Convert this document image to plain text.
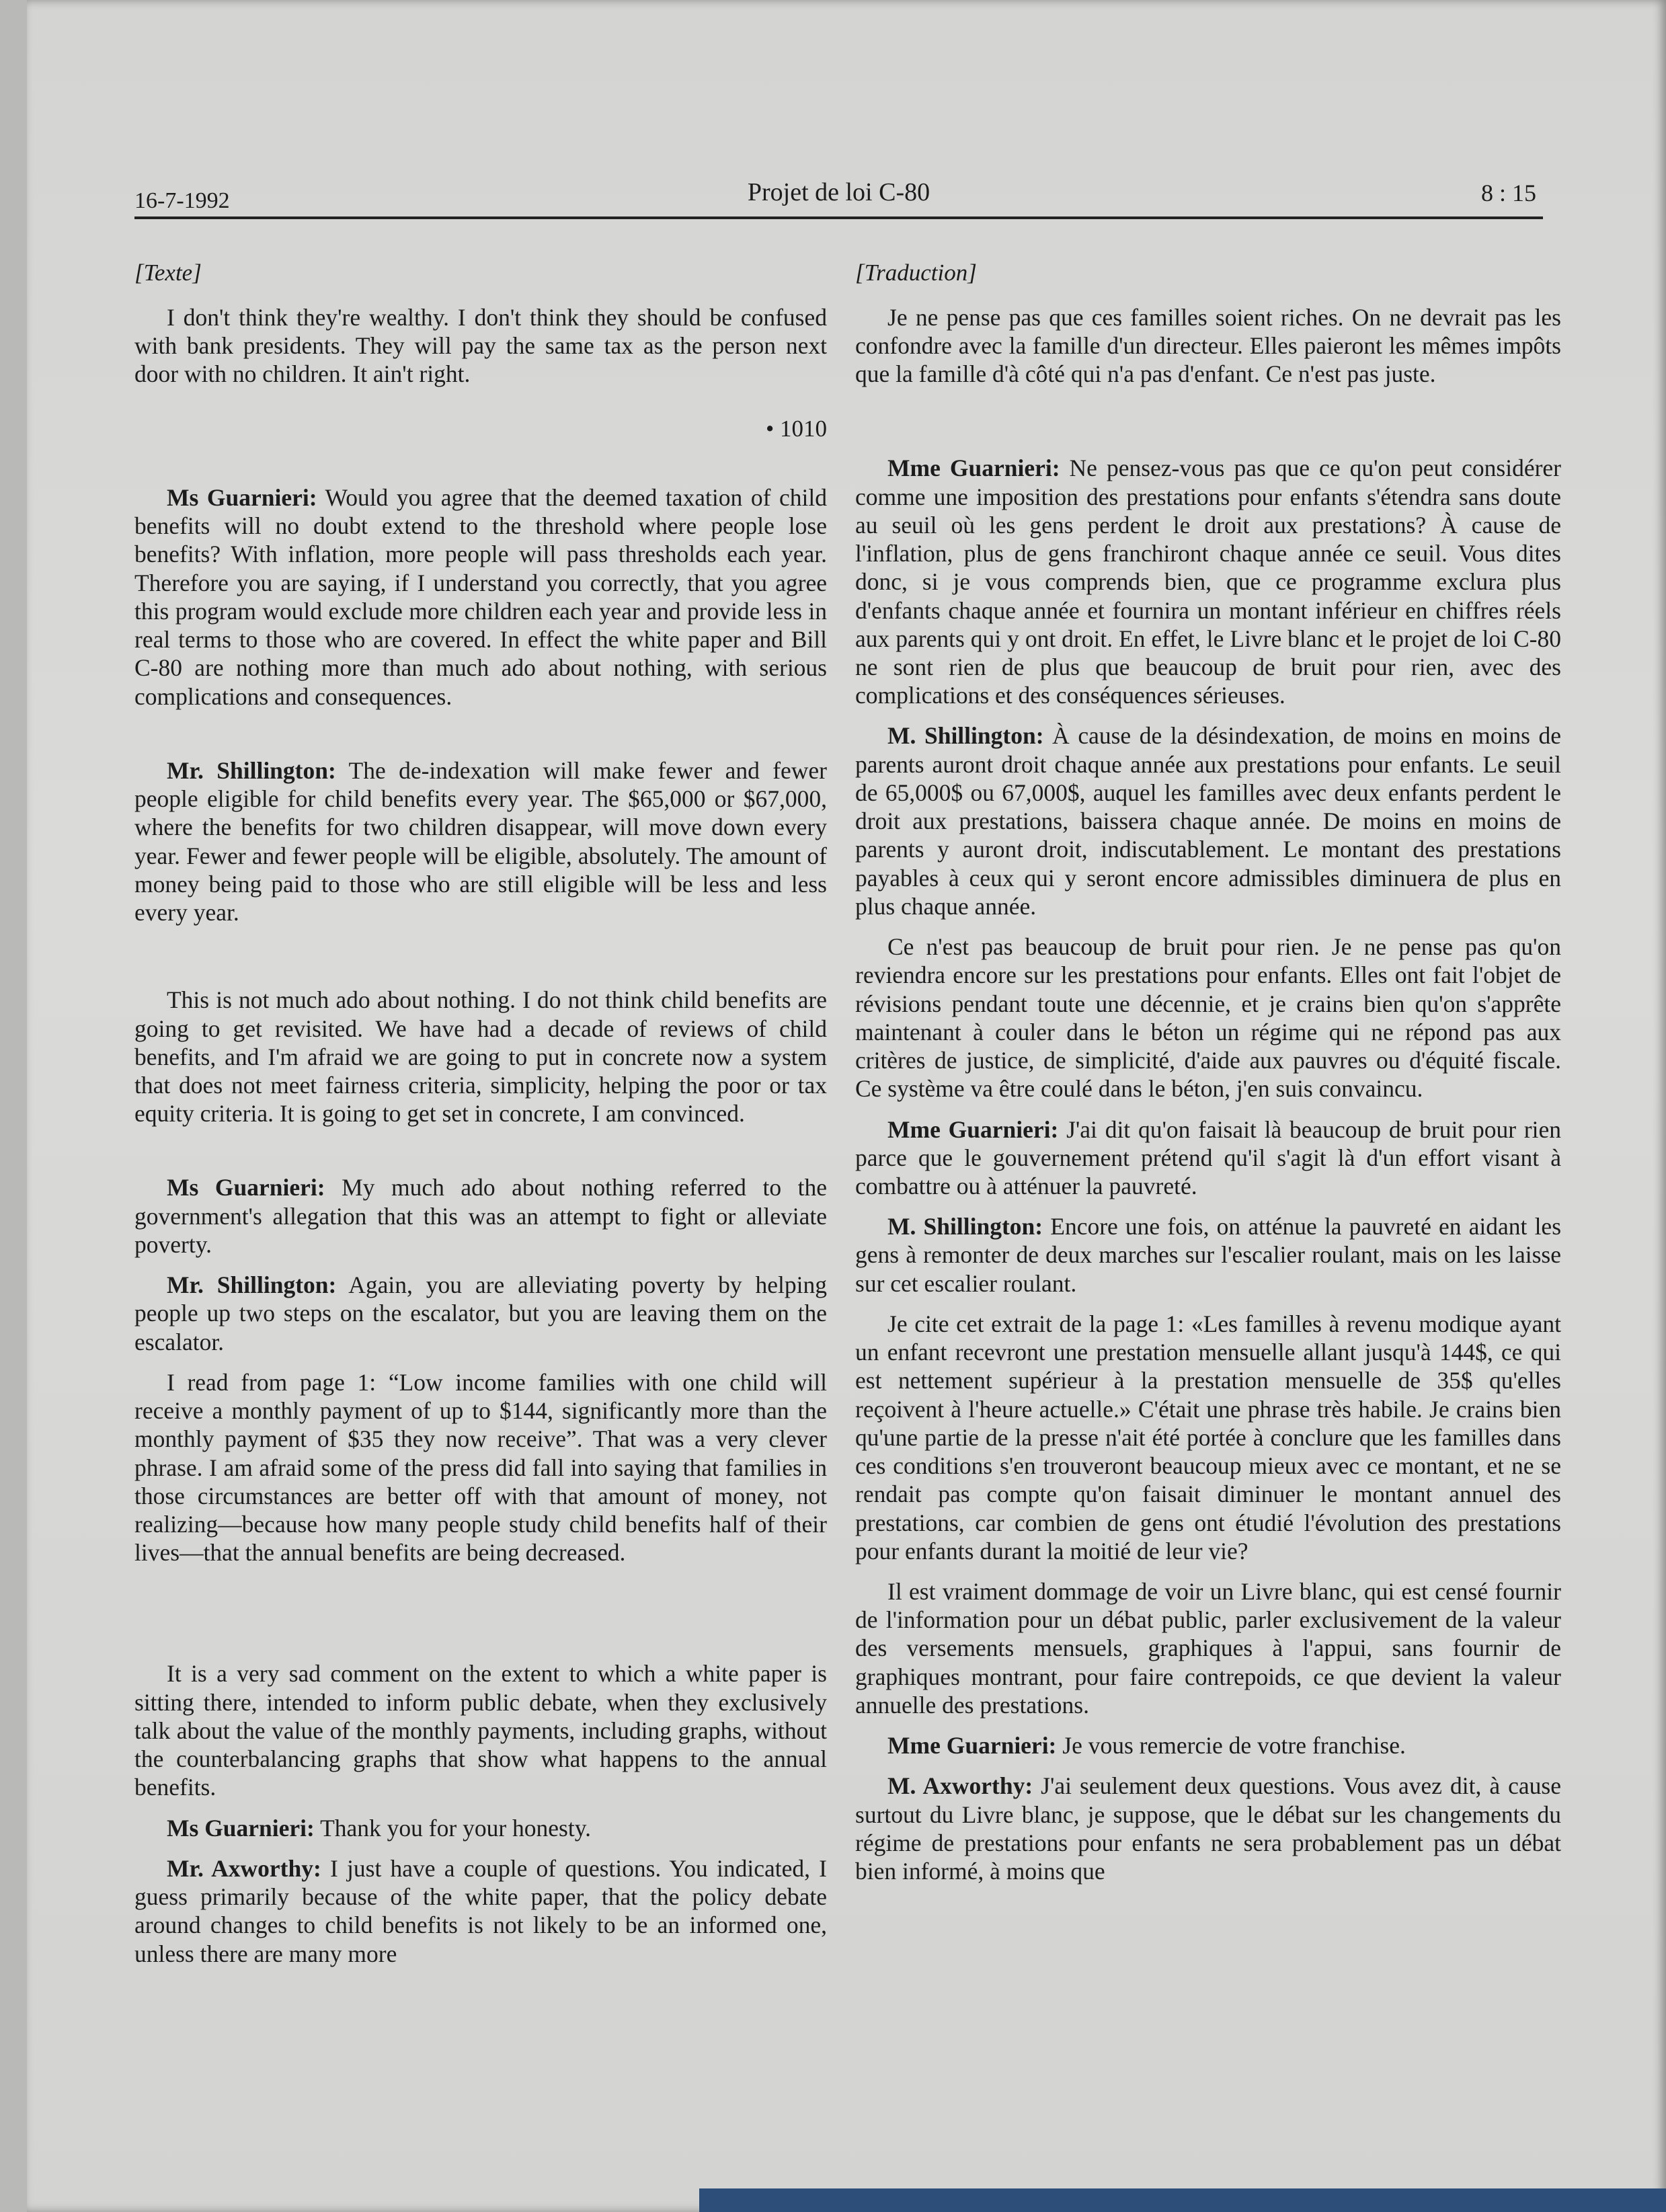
16-7-1992	Projet de loi C-80	8 : 15
[Texte]

I don't think they're wealthy. I don't think they should be confused with bank presidents. They will pay the same tax as the person next door with no children. It ain't right.

• 1010

Ms Guarnieri: Would you agree that the deemed taxation of child benefits will no doubt extend to the threshold where people lose benefits? With inflation, more people will pass thresholds each year. Therefore you are saying, if I understand you correctly, that you agree this program would exclude more children each year and provide less in real terms to those who are covered. In effect the white paper and Bill C-80 are nothing more than much ado about nothing, with serious complications and consequences.

Mr. Shillington: The de-indexation will make fewer and fewer people eligible for child benefits every year. The $65,000 or $67,000, where the benefits for two children disappear, will move down every year. Fewer and fewer people will be eligible, absolutely. The amount of money being paid to those who are still eligible will be less and less every year.

This is not much ado about nothing. I do not think child benefits are going to get revisited. We have had a decade of reviews of child benefits, and I'm afraid we are going to put in concrete now a system that does not meet fairness criteria, simplicity, helping the poor or tax equity criteria. It is going to get set in concrete, I am convinced.

Ms Guarnieri: My much ado about nothing referred to the government's allegation that this was an attempt to fight or alleviate poverty.

Mr. Shillington: Again, you are alleviating poverty by helping people up two steps on the escalator, but you are leaving them on the escalator.

I read from page 1: “Low income families with one child will receive a monthly payment of up to $144, significantly more than the monthly payment of $35 they now receive”. That was a very clever phrase. I am afraid some of the press did fall into saying that families in those circumstances are better off with that amount of money, not realizing—because how many people study child benefits half of their lives—that the annual benefits are being decreased.

It is a very sad comment on the extent to which a white paper is sitting there, intended to inform public debate, when they exclusively talk about the value of the monthly payments, including graphs, without the counterbalancing graphs that show what happens to the annual benefits.

Ms Guarnieri: Thank you for your honesty.

Mr. Axworthy: I just have a couple of questions. You indicated, I guess primarily because of the white paper, that the policy debate around changes to child benefits is not likely to be an informed one, unless there are many more

[Traduction]

Je ne pense pas que ces familles soient riches. On ne devrait pas les confondre avec la famille d'un directeur. Elles paieront les mêmes impôts que la famille d'à côté qui n'a pas d'enfant. Ce n'est pas juste.

Mme Guarnieri: Ne pensez-vous pas que ce qu'on peut considérer comme une imposition des prestations pour enfants s'étendra sans doute au seuil où les gens perdent le droit aux prestations? À cause de l'inflation, plus de gens franchiront chaque année ce seuil. Vous dites donc, si je vous comprends bien, que ce programme exclura plus d'enfants chaque année et fournira un montant inférieur en chiffres réels aux parents qui y ont droit. En effet, le Livre blanc et le projet de loi C-80 ne sont rien de plus que beaucoup de bruit pour rien, avec des complications et des conséquences sérieuses.

M. Shillington: À cause de la désindexation, de moins en moins de parents auront droit chaque année aux prestations pour enfants. Le seuil de 65,000$ ou 67,000$, auquel les familles avec deux enfants perdent le droit aux prestations, baissera chaque année. De moins en moins de parents y auront droit, indiscutablement. Le montant des prestations payables à ceux qui y seront encore admissibles diminuera de plus en plus chaque année.

Ce n'est pas beaucoup de bruit pour rien. Je ne pense pas qu'on reviendra encore sur les prestations pour enfants. Elles ont fait l'objet de révisions pendant toute une décennie, et je crains bien qu'on s'apprête maintenant à couler dans le béton un régime qui ne répond pas aux critères de justice, de simplicité, d'aide aux pauvres ou d'équité fiscale. Ce système va être coulé dans le béton, j'en suis convaincu.

Mme Guarnieri: J'ai dit qu'on faisait là beaucoup de bruit pour rien parce que le gouvernement prétend qu'il s'agit là d'un effort visant à combattre ou à atténuer la pauvreté.

M. Shillington: Encore une fois, on atténue la pauvreté en aidant les gens à remonter de deux marches sur l'escalier roulant, mais on les laisse sur cet escalier roulant.

Je cite cet extrait de la page 1: «Les familles à revenu modique ayant un enfant recevront une prestation mensuelle allant jusqu'à 144$, ce qui est nettement supérieur à la prestation mensuelle de 35$ qu'elles reçoivent à l'heure actuelle.» C'était une phrase très habile. Je crains bien qu'une partie de la presse n'ait été portée à conclure que les familles dans ces conditions s'en trouveront beaucoup mieux avec ce montant, et ne se rendait pas compte qu'on faisait diminuer le montant annuel des prestations, car combien de gens ont étudié l'évolution des prestations pour enfants durant la moitié de leur vie?

Il est vraiment dommage de voir un Livre blanc, qui est censé fournir de l'information pour un débat public, parler exclusivement de la valeur des versements mensuels, graphiques à l'appui, sans fournir de graphiques montrant, pour faire contrepoids, ce que devient la valeur annuelle des prestations.

Mme Guarnieri: Je vous remercie de votre franchise.

M. Axworthy: J'ai seulement deux questions. Vous avez dit, à cause surtout du Livre blanc, je suppose, que le débat sur les changements du régime de prestations pour enfants ne sera probablement pas un débat bien informé, à moins que
